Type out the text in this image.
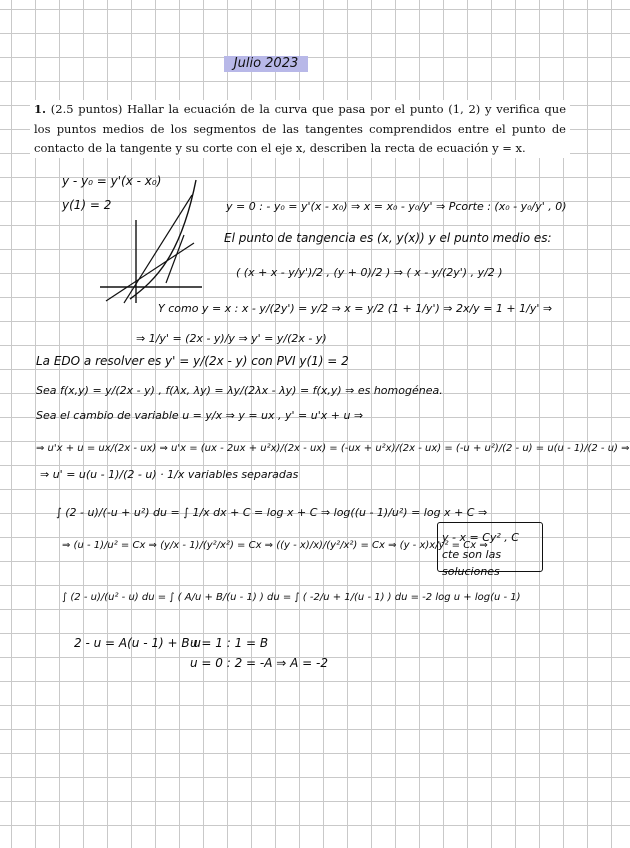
Julio 2023
1. (2.5 puntos) Hallar la ecuación de la curva que pasa por el punto (1, 2) y verifica que los puntos medios de los segmentos de las tangentes comprendidos entre el punto de contacto de la tangente y su corte con el eje x, describen la recta de ecuación y = x.
y - y₀ = y'(x - x₀)
y(1) = 2	y = 0 : - y₀ = y'(x - x₀) ⇒ x = x₀ - y₀/y' ⇒ Pcorte : (x₀ - y₀/y' , 0)
El punto de tangencia es (x, y(x)) y el punto medio es:
( (x + x - y/y')/2 , (y + 0)/2 ) ⇒ ( x - y/(2y') , y/2 )
Y como y = x : x - y/(2y') = y/2 ⇒ x = y/2 (1 + 1/y') ⇒ 2x/y = 1 + 1/y' ⇒
⇒ 1/y' = (2x - y)/y ⇒ y' = y/(2x - y)
La EDO a resolver es y' = y/(2x - y) con PVI y(1) = 2
Sea f(x,y) = y/(2x - y) , f(λx, λy) = λy/(2λx - λy) = f(x,y) ⇒ es homogénea.
Sea el cambio de variable u = y/x ⇒ y = ux , y' = u'x + u ⇒
⇒ u'x + u = ux/(2x - ux) ⇒ u'x = (ux - 2ux + u²x)/(2x - ux) = (-ux + u²x)/(2x - ux) = (-u + u²)/(2 - u) = u(u - 1)/(2 - u) ⇒
⇒ u' = u(u - 1)/(2 - u) · 1/x variables separadas
∫ (2 - u)/(-u + u²) du = ∫ 1/x dx + C = log x + C ⇒ log((u - 1)/u²) = log x + C ⇒
⇒ (u - 1)/u² = Cx ⇒ (y/x - 1)/(y²/x²) = Cx ⇒ ((y - x)/x)/(y²/x²) = Cx ⇒ (y - x)x/y² = Cx ⇒
y - x = Cy² , C cte son las soluciones
∫ (2 - u)/(u² - u) du = ∫ ( A/u + B/(u - 1) ) du = ∫ ( -2/u + 1/(u - 1) ) du = -2 log u + log(u - 1)
2 - u = A(u - 1) + B·u
u = 1 : 1 = B
u = 0 : 2 = -A ⇒ A = -2
